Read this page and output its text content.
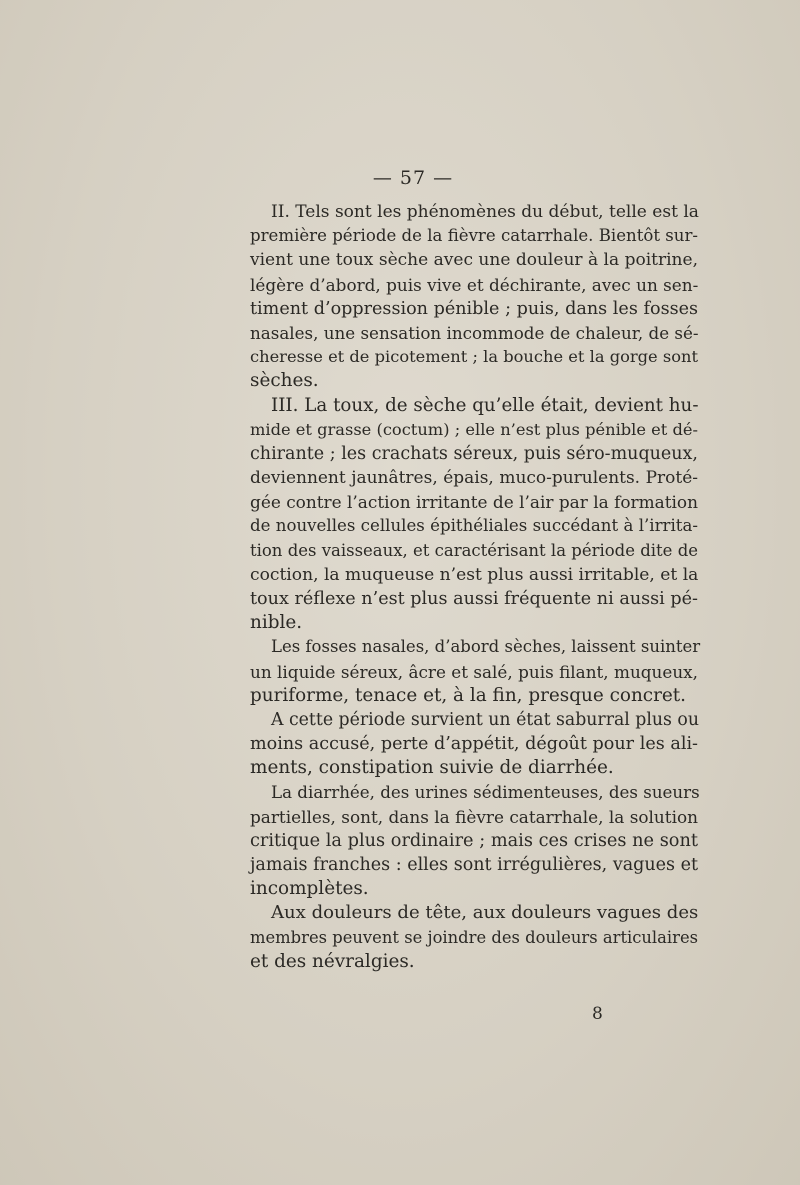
— 57 —
II. Tels sont les phénomènes du début, telle est la
première période de la fièvre catarrhale. Bientôt sur-
vient une toux sèche avec une douleur à la poitrine,
légère d’abord, puis vive et déchirante, avec un sen-
timent d’oppression pénible ; puis, dans les fosses
nasales, une sensation incommode de chaleur, de sé-
cheresse et de picotement ; la bouche et la gorge sont
sèches.
III. La toux, de sèche qu’elle était, devient hu-
mide et grasse (coctum) ; elle n’est plus pénible et dé-
chirante ; les crachats séreux, puis séro-muqueux,
deviennent jaunâtres, épais, muco-purulents. Proté-
gée contre l’action irritante de l’air par la formation
de nouvelles cellules épithéliales succédant à l’irrita-
tion des vaisseaux, et caractérisant la période dite de
coction, la muqueuse n’est plus aussi irritable, et la
toux réflexe n’est plus aussi fréquente ni aussi pé-
nible.
Les fosses nasales, d’abord sèches, laissent suinter
un liquide séreux, âcre et salé, puis filant, muqueux,
puriforme, tenace et, à la fin, presque concret.
A cette période survient un état saburral plus ou
moins accusé, perte d’appétit, dégoût pour les ali-
ments, constipation suivie de diarrhée.
La diarrhée, des urines sédimenteuses, des sueurs
partielles, sont, dans la fièvre catarrhale, la solution
critique la plus ordinaire ; mais ces crises ne sont
jamais franches : elles sont irrégulières, vagues et
incomplètes.
Aux douleurs de tête, aux douleurs vagues des
membres peuvent se joindre des douleurs articulaires
et des névralgies.
8
